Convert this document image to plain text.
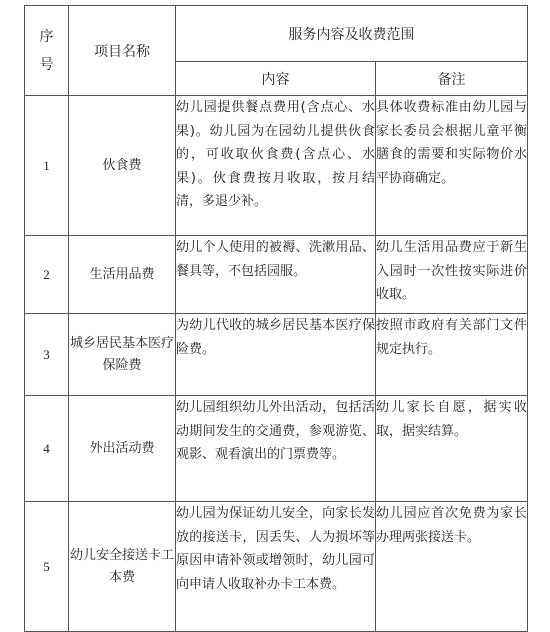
序
号	项目名称	服务内容及收费范围	
		内容	备注
1	伙食费	幼儿园提供餐点费用(含点心、水果)。幼儿园为在园幼儿提供伙食的，可收取伙食费(含点心、水果)。伙食费按月收取，按月结清，多退少补。	具体收费标准由幼儿园与家长委员会根据儿童平衡膳食的需要和实际物价水平协商确定。
2	生活用品费	幼儿个人使用的被褥、洗漱用品、餐具等，不包括园服。	幼儿生活用品费应于新生入园时一次性按实际进价收取。
3	城乡居民基本医疗保险费	为幼儿代收的城乡居民基本医疗保险费。	按照市政府有关部门文件规定执行。
4	外出活动费	幼儿园组织幼儿外出活动，包括活动期间发生的交通费，参观游览、观影、观看演出的门票费等。	幼儿家长自愿，据实收取，据实结算。
5	幼儿安全接送卡工本费	幼儿园为保证幼儿安全，向家长发放的接送卡，因丢失、人为损坏等原因申请补领或增领时，幼儿园可向申请人收取补办卡工本费。	幼儿园应首次免费为家长办理两张接送卡。
